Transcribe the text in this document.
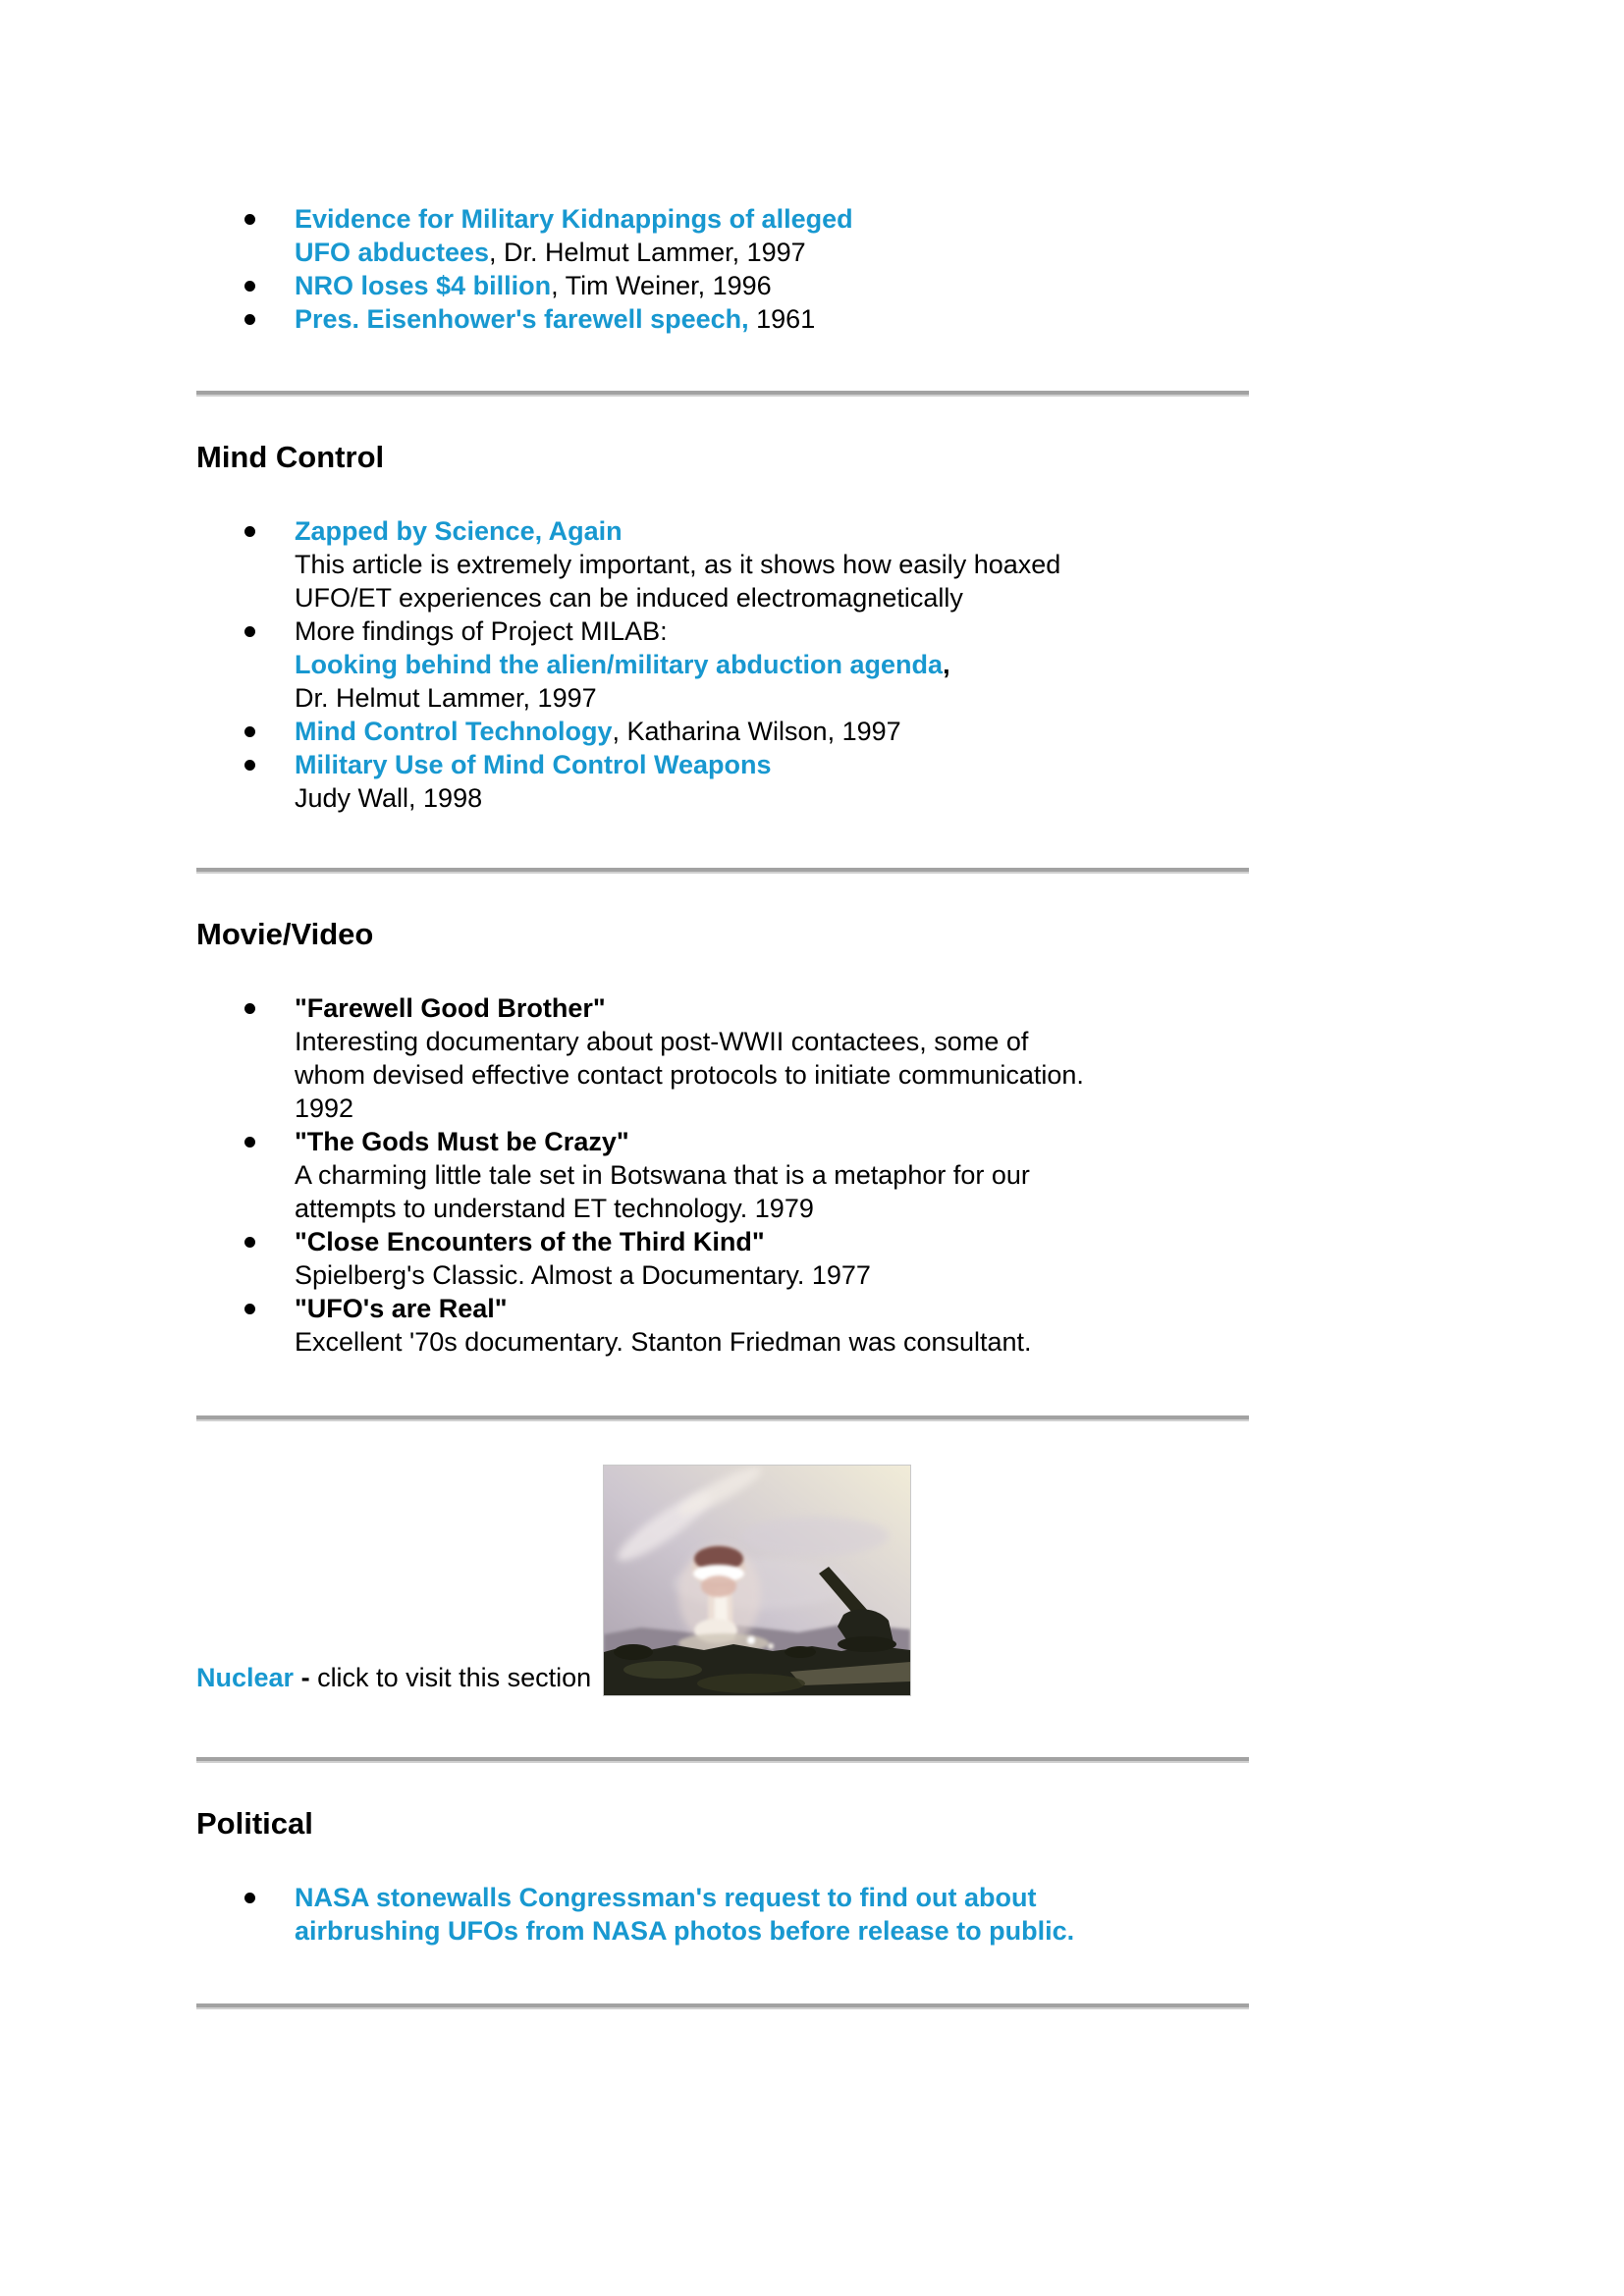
Evidence for Military Kidnappings of alleged
UFO abductees, Dr. Helmut Lammer, 1997
NRO loses $4 billion, Tim Weiner, 1996
Pres. Eisenhower's farewell speech, 1961
Mind Control
Zapped by Science, Again
This article is extremely important, as it shows how easily hoaxed
UFO/ET experiences can be induced electromagnetically
More findings of Project MILAB:
Looking behind the alien/military abduction agenda,
Dr. Helmut Lammer, 1997
Mind Control Technology, Katharina Wilson, 1997
Military Use of Mind Control Weapons
Judy Wall, 1998
Movie/Video
"Farewell Good Brother"
Interesting documentary about post-WWII contactees, some of
whom devised effective contact protocols to initiate communication.
1992
"The Gods Must be Crazy"
A charming little tale set in Botswana that is a metaphor for our
attempts to understand ET technology. 1979
"Close Encounters of the Third Kind"
Spielberg's Classic. Almost a Documentary. 1977
"UFO's are Real"
Excellent '70s documentary. Stanton Friedman was consultant.
Nuclear - click to visit this section
Political
NASA stonewalls Congressman's request to find out about
airbrushing UFOs from NASA photos before release to public.
